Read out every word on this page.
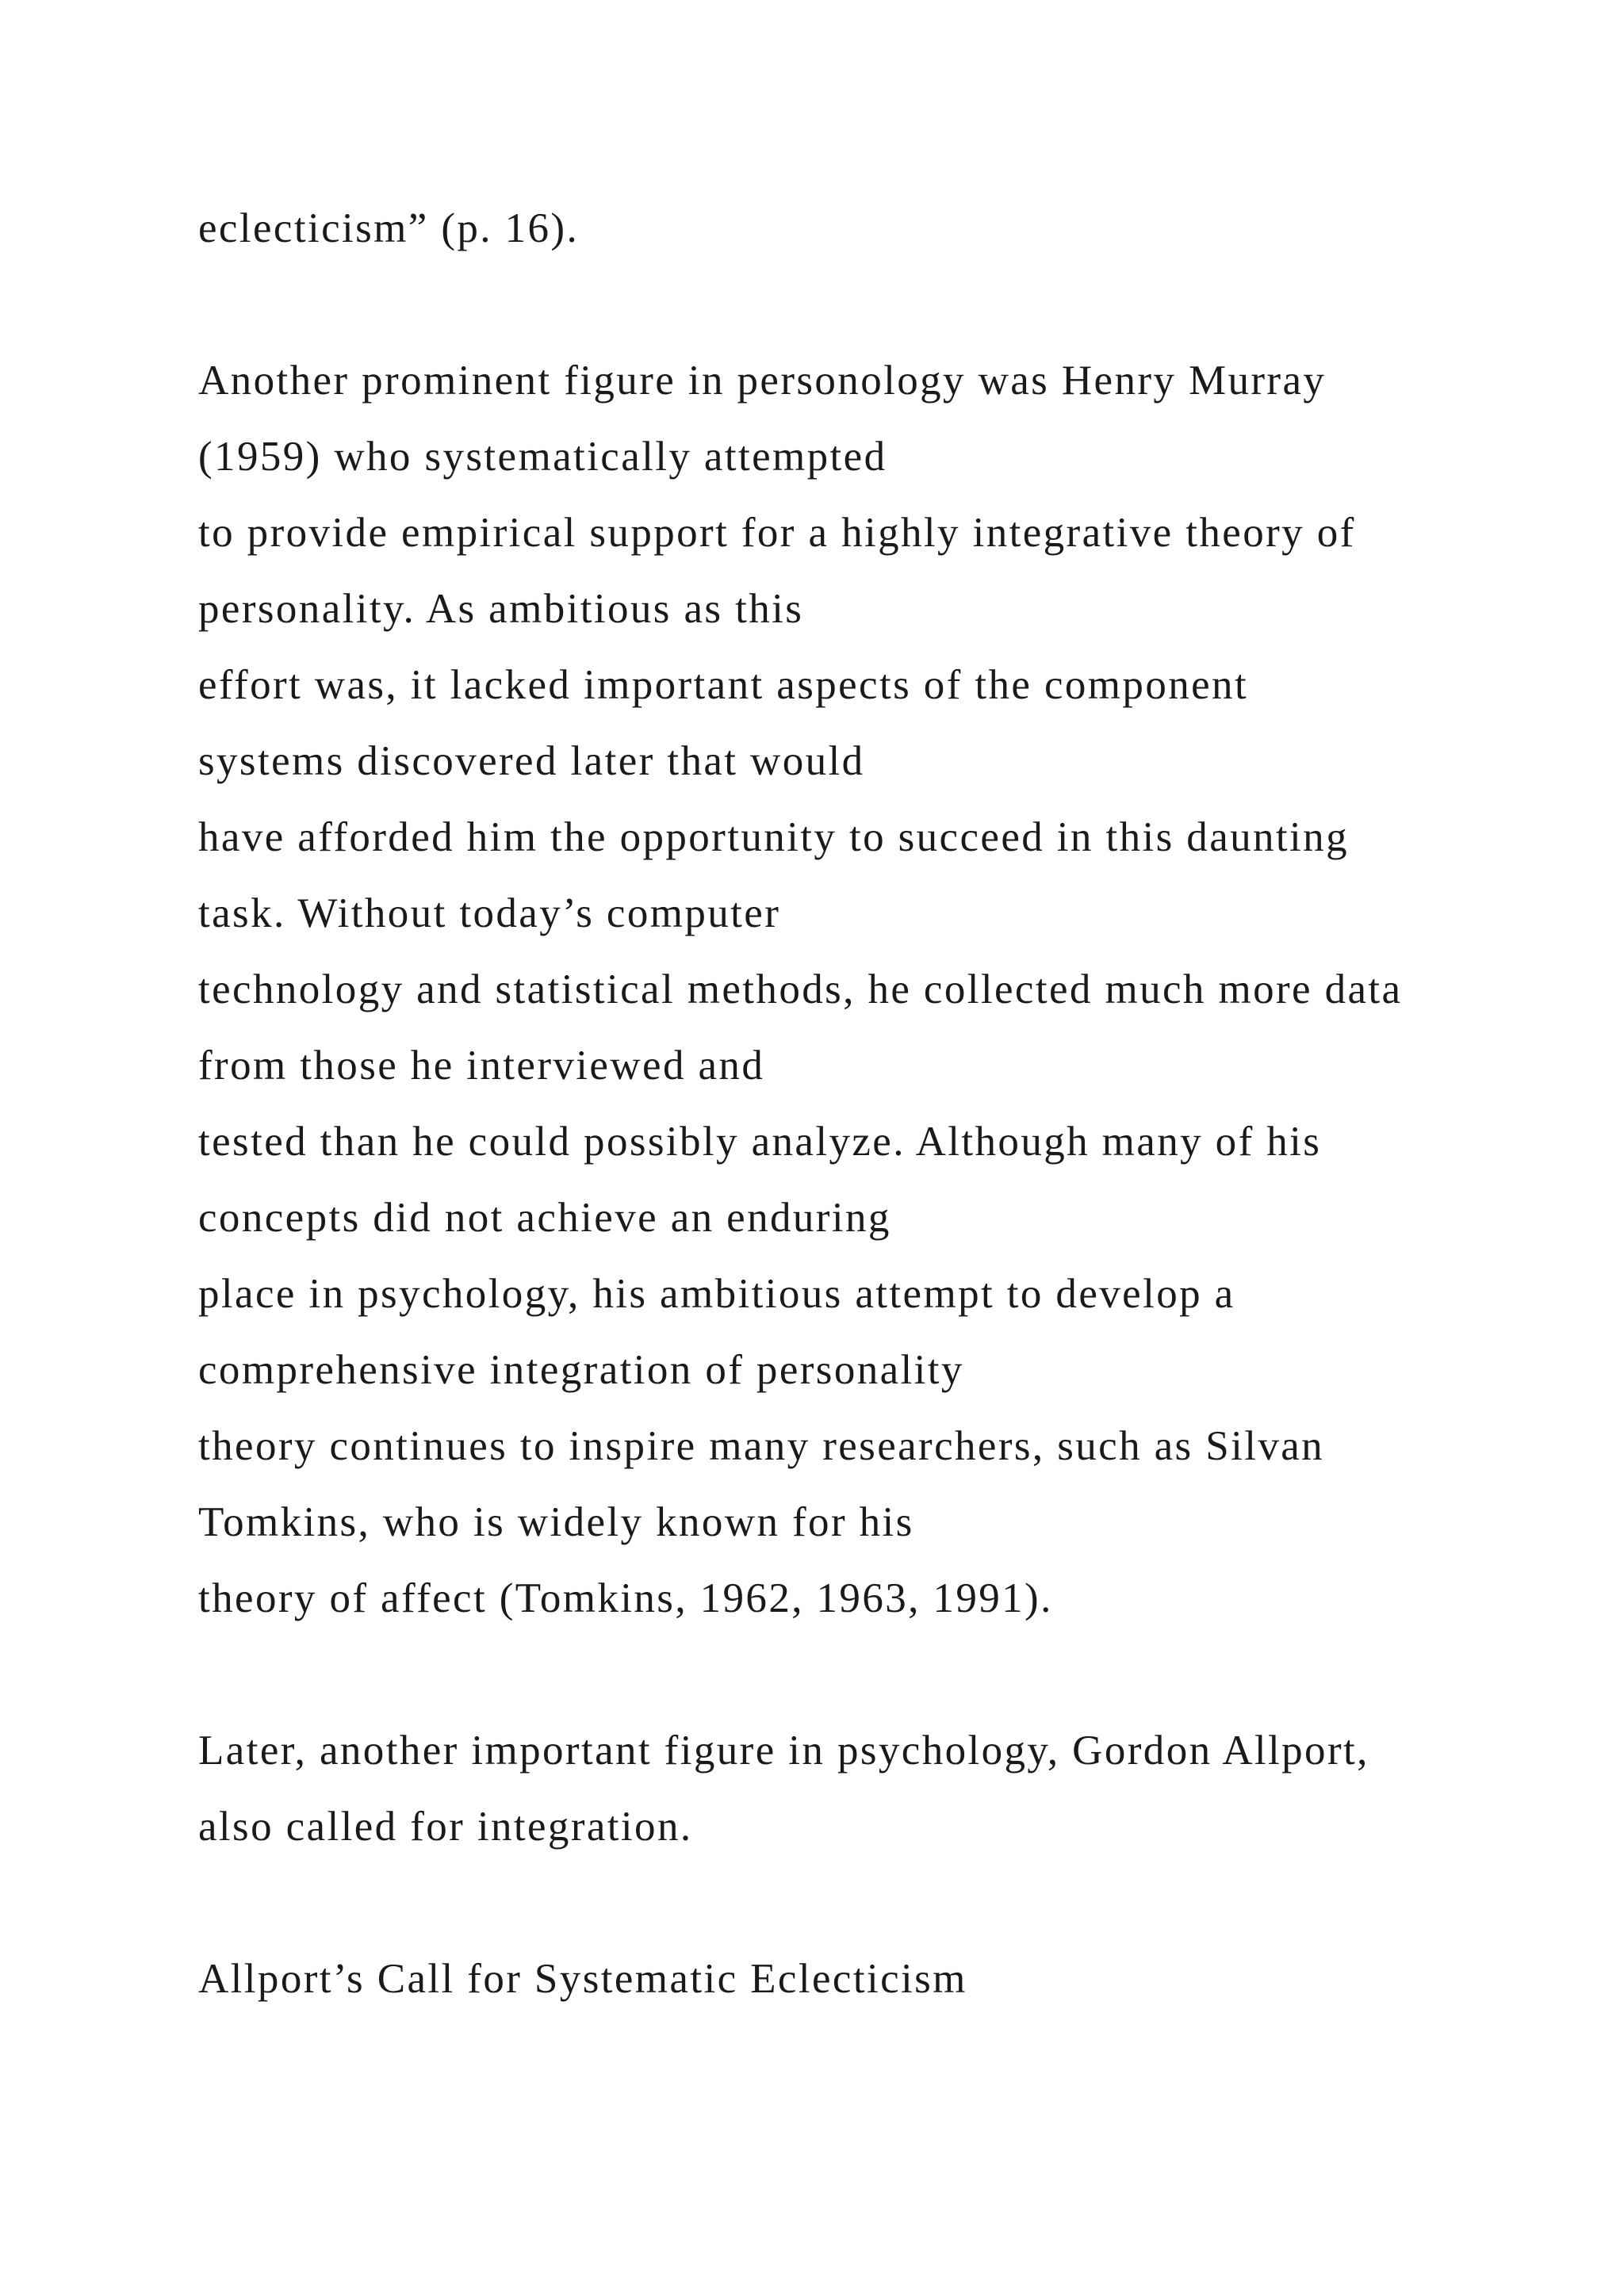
eclecticism” (p. 16).
Another prominent figure in personology was Henry Murray
(1959) who systematically attempted
to provide empirical support for a highly integrative theory of
personality. As ambitious as this
effort was, it lacked important aspects of the component
systems discovered later that would
have afforded him the opportunity to succeed in this daunting
task. Without today’s computer
technology and statistical methods, he collected much more data
from those he interviewed and
tested than he could possibly analyze. Although many of his
concepts did not achieve an enduring
place in psychology, his ambitious attempt to develop a
comprehensive integration of personality
theory continues to inspire many researchers, such as Silvan
Tomkins, who is widely known for his
theory of affect (Tomkins, 1962, 1963, 1991).
Later, another important figure in psychology, Gordon Allport,
also called for integration.
Allport’s Call for Systematic Eclecticism
